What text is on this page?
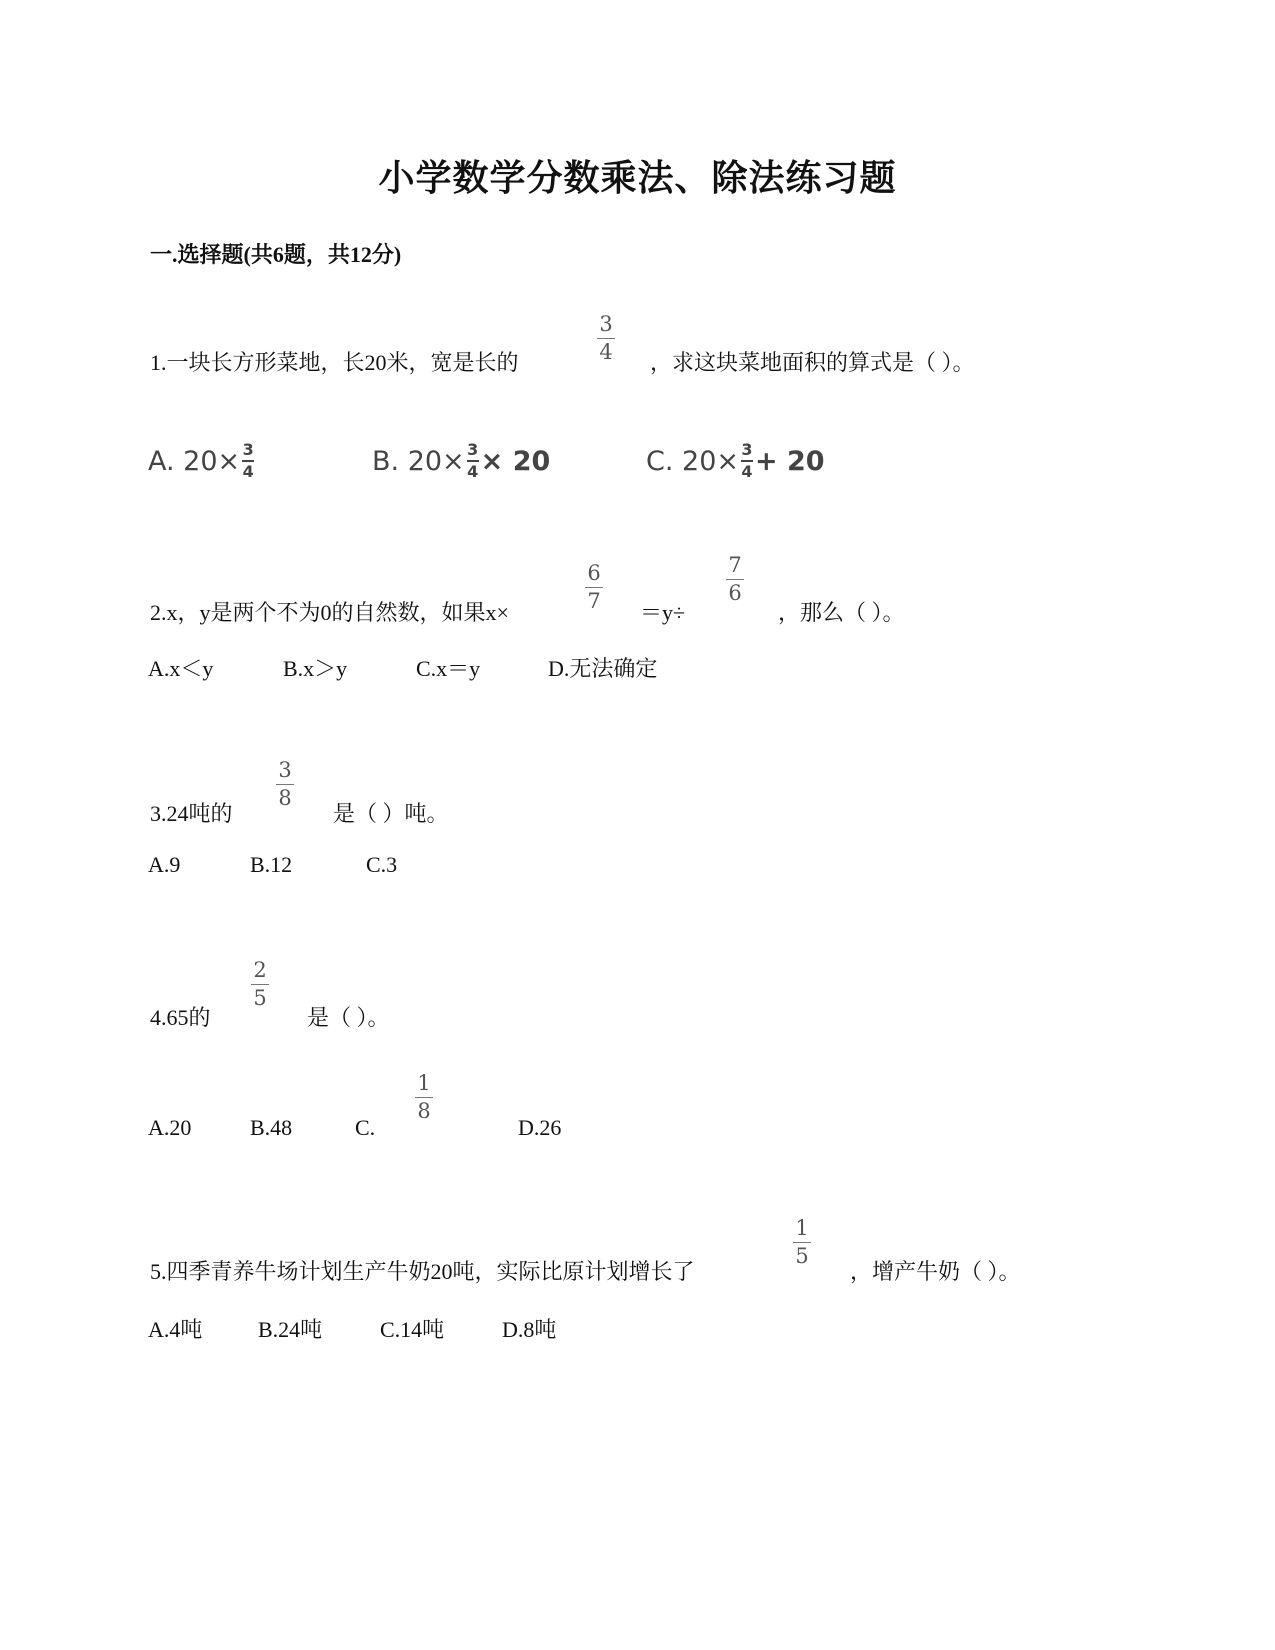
小学数学分数乘法、除法练习题
一.选择题(共6题，共12分)
1.一块长方形菜地，长20米，宽是长的
3
4 ，求这块菜地面积的算式是（ ）。
A. 20× 3
4	B. 20× 3
4 × 20	C. 20× 3
4 + 20
2.x，y是两个不为0的自然数，如果x×
6
7 ＝y÷
7
6
，那么（ ）。
A.x＜y	B.x＞y	C.x＝y	D.无法确定
3.24吨的
3
8
是（ ）吨。
A.9	B.12	C.3
4.65的
2
5
是（ ）。
A.20	B.48	C.
1
8
D.26
5.四季青养牛场计划生产牛奶20吨，实际比原计划增长了
1
5
，增产牛奶（ ）。
A.4吨	B.24吨	C.14吨	D.8吨
